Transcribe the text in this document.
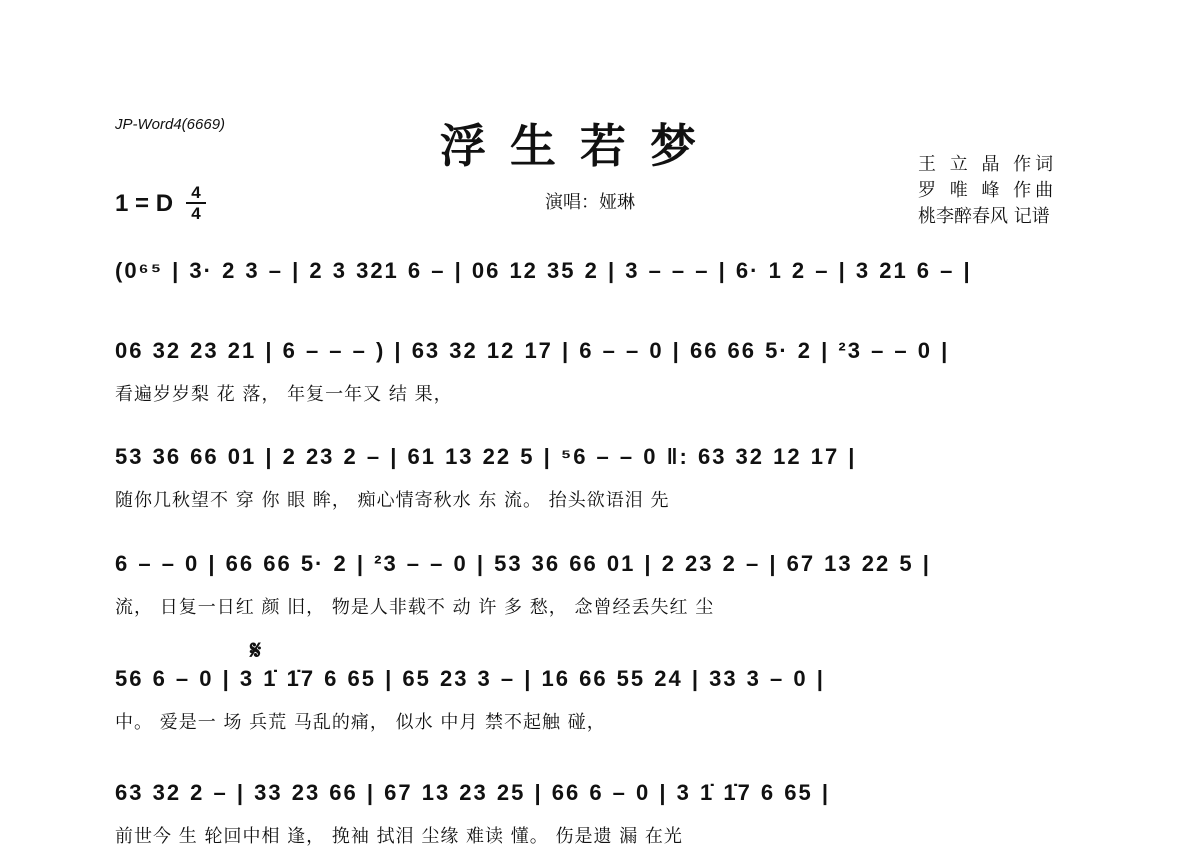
JP-Word4(6669)	浮生若梦
1 = D	4
4
演唱：娅琳
王 立 晶 作词
罗 唯 峰 作曲
桃李醉春风 记谱
(0⁶⁵ | 3· 2 3 – | 2 3 321 6 – | 06 12 35 2 | 3 – – – | 6· 1 2 – | 3 21 6 – |
06 32 23 21 | 6 – – – ) | 63 32 12 17 | 6 – – 0 | 66 66 5· 2 | ²3 – – 0 |
看遍岁岁梨 花 落， 年复一年又 结 果，
53 36 66 01 | 2 23 2 – | 61 13 22 5 | ⁵6 – – 0 ‖: 63 32 12 17 |
随你几秋望不 穿 你 眼 眸， 痴心情寄秋水 东 流。 抬头欲语泪 先
6 – – 0 | 66 66 5· 2 | ²3 – – 0 | 53 36 66 01 | 2 23 2 – | 67 13 22 5 |
流， 日复一日红 颜 旧， 物是人非载不 动 许 多 愁， 念曾经丢失红 尘
𝄋
56 6 – 0 | 3 1̇ 1̇7 6 65 | 65 23 3 – | 16 66 55 24 | 33 3 – 0 |
中。 爱是一 场 兵荒 马乱的痛， 似水 中月 禁不起触 碰，
63 32 2 – | 33 23 66 | 67 13 23 25 | 66 6 – 0 | 3 1̇ 1̇7 6 65 |
前世今 生 轮回中相 逢， 挽袖 拭泪 尘缘 难读 懂。 伤是遗 漏 在光
